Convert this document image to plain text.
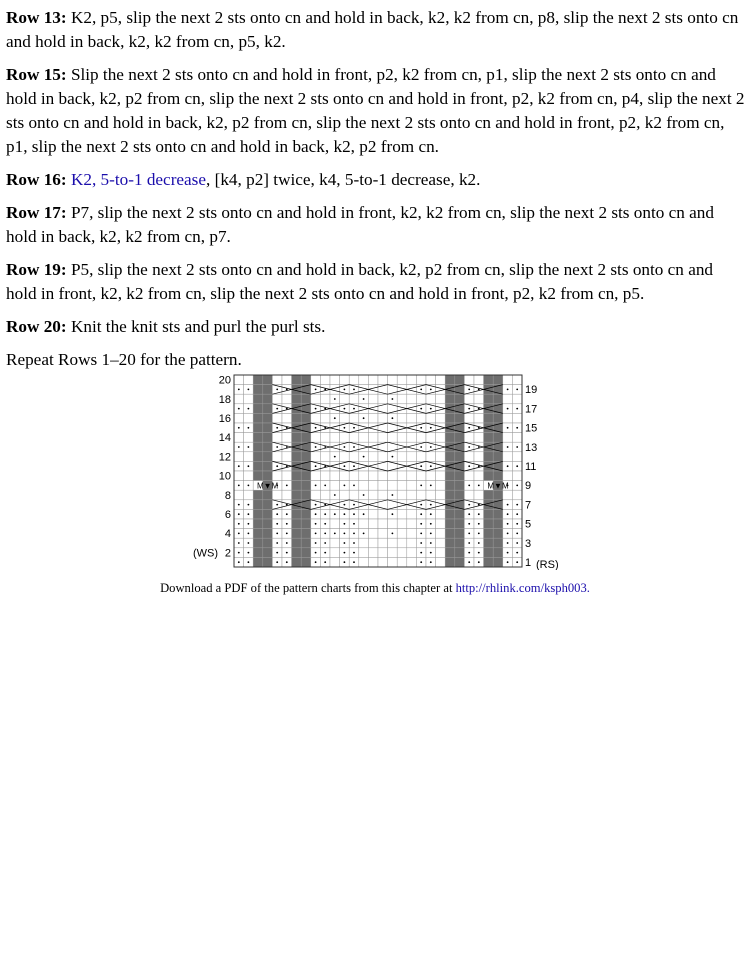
Row 13: K2, p5, slip the next 2 sts onto cn and hold in back, k2, k2 from cn, p8, slip the next 2 sts onto cn and hold in back, k2, k2 from cn, p5, k2.

Row 15: Slip the next 2 sts onto cn and hold in front, p2, k2 from cn, p1, slip the next 2 sts onto cn and hold in back, k2, p2 from cn, slip the next 2 sts onto cn and hold in front, p2, k2 from cn, p4, slip the next 2 sts onto cn and hold in back, k2, p2 from cn, slip the next 2 sts onto cn and hold in front, p2, k2 from cn, p1, slip the next 2 sts onto cn and hold in back, k2, p2 from cn.

Row 16: K2, 5-to-1 decrease, [k4, p2] twice, k4, 5-to-1 decrease, k2.

Row 17: P7, slip the next 2 sts onto cn and hold in front, k2, k2 from cn, slip the next 2 sts onto cn and hold in back, k2, k2 from cn, p7.

Row 19: P5, slip the next 2 sts onto cn and hold in back, k2, p2 from cn, slip the next 2 sts onto cn and hold in front, k2, k2 from cn, slip the next 2 sts onto cn and hold in front, p2, k2 from cn, p5.

Row 20: Knit the knit sts and purl the purl sts.

Repeat Rows 1–20 for the pattern.

M▼M	M▼M
20
18
16
14
12
10
8
6
4
2
(WS)
19
17
15
13
11
9
7
5
3
1 (RS)
Download a PDF of the pattern charts from this chapter at http://rhlink.com/ksph003.
